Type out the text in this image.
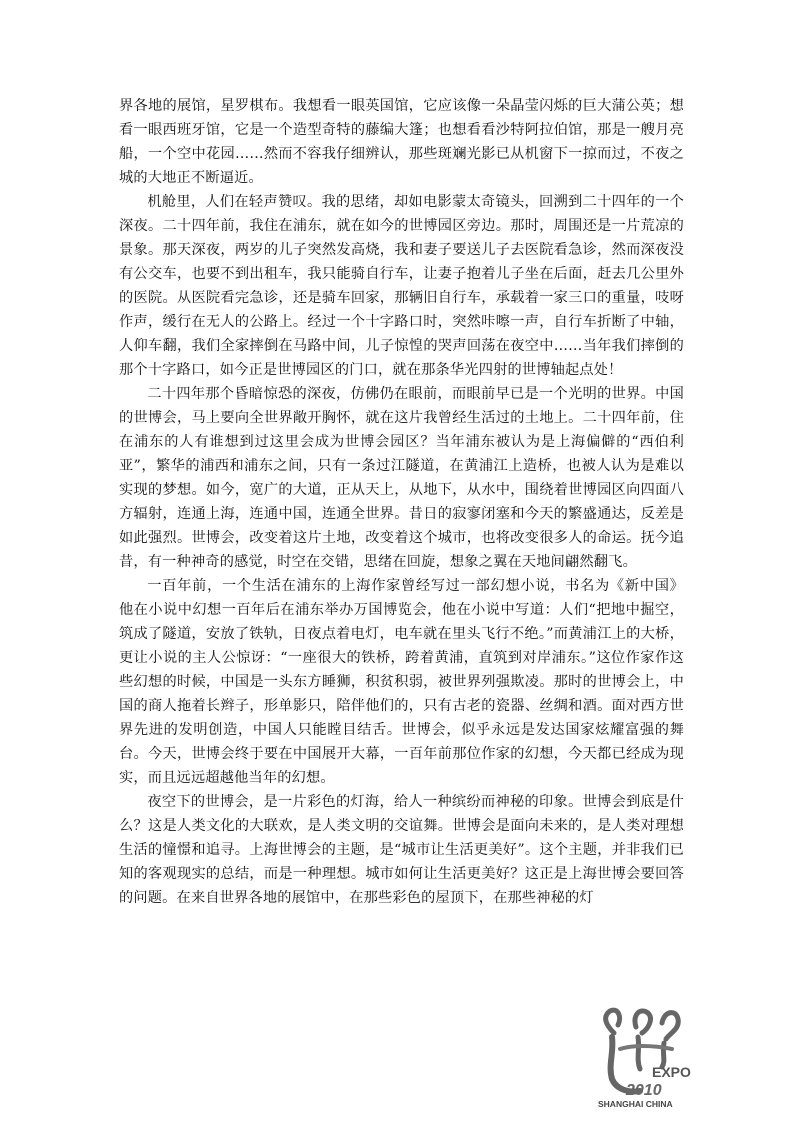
界各地的展馆，星罗棋布。我想看一眼英国馆，它应该像一朵晶莹闪烁的巨大蒲公英；想看一眼西班牙馆，它是一个造型奇特的藤编大篷；也想看看沙特阿拉伯馆，那是一艘月亮船，一个空中花园……然而不容我仔细辨认，那些斑斓光影已从机窗下一掠而过，不夜之城的大地正不断逼近。

机舱里，人们在轻声赞叹。我的思绪，却如电影蒙太奇镜头，回溯到二十四年的一个深夜。二十四年前，我住在浦东，就在如今的世博园区旁边。那时，周围还是一片荒凉的景象。那天深夜，两岁的儿子突然发高烧，我和妻子要送儿子去医院看急诊，然而深夜没有公交车，也要不到出租车，我只能骑自行车，让妻子抱着儿子坐在后面，赶去几公里外的医院。从医院看完急诊，还是骑车回家，那辆旧自行车，承载着一家三口的重量，吱呀作声，缓行在无人的公路上。经过一个十字路口时，突然咔嚓一声，自行车折断了中轴，人仰车翻，我们全家摔倒在马路中间，儿子惊惶的哭声回荡在夜空中……当年我们摔倒的那个十字路口，如今正是世博园区的门口，就在那条华光四射的世博轴起点处！

二十四年那个昏暗惊恐的深夜，仿佛仍在眼前，而眼前早已是一个光明的世界。中国的世博会，马上要向全世界敞开胸怀，就在这片我曾经生活过的土地上。二十四年前，住在浦东的人有谁想到过这里会成为世博会园区？当年浦东被认为是上海偏僻的“西伯利亚”，繁华的浦西和浦东之间，只有一条过江隧道，在黄浦江上造桥，也被人认为是难以实现的梦想。如今，宽广的大道，正从天上，从地下，从水中，围绕着世博园区向四面八方辐射，连通上海，连通中国，连通全世界。昔日的寂寥闭塞和今天的繁盛通达，反差是如此强烈。世博会，改变着这片土地，改变着这个城市，也将改变很多人的命运。抚今追昔，有一种神奇的感觉，时空在交错，思绪在回旋，想象之翼在天地间翩然翻飞。

一百年前，一个生活在浦东的上海作家曾经写过一部幻想小说，书名为《新中国》 他在小说中幻想一百年后在浦东举办万国博览会，他在小说中写道：人们“把地中掘空，筑成了隧道，安放了铁轨，日夜点着电灯，电车就在里头飞行不绝。”而黄浦江上的大桥，更让小说的主人公惊讶：“一座很大的铁桥，跨着黄浦，直筑到对岸浦东。”这位作家作这些幻想的时候，中国是一头东方睡狮，积贫积弱，被世界列强欺凌。那时的世博会上，中国的商人拖着长辫子，形单影只，陪伴他们的，只有古老的瓷器、丝绸和酒。面对西方世界先进的发明创造，中国人只能瞠目结舌。世博会，似乎永远是发达国家炫耀富强的舞台。今天，世博会终于要在中国展开大幕，一百年前那位作家的幻想，今天都已经成为现实，而且远远超越他当年的幻想。

夜空下的世博会，是一片彩色的灯海，给人一种缤纷而神秘的印象。世博会到底是什么？这是人类文化的大联欢，是人类文明的交谊舞。世博会是面向未来的，是人类对理想生活的憧憬和追寻。上海世博会的主题，是“城市让生活更美好”。这个主题，并非我们已知的客观现实的总结，而是一种理想。城市如何让生活更美好？这正是上海世博会要回答的问题。在来自世界各地的展馆中，在那些彩色的屋顶下，在那些神秘的灯

EXPO
2010
SHANGHAI CHINA
